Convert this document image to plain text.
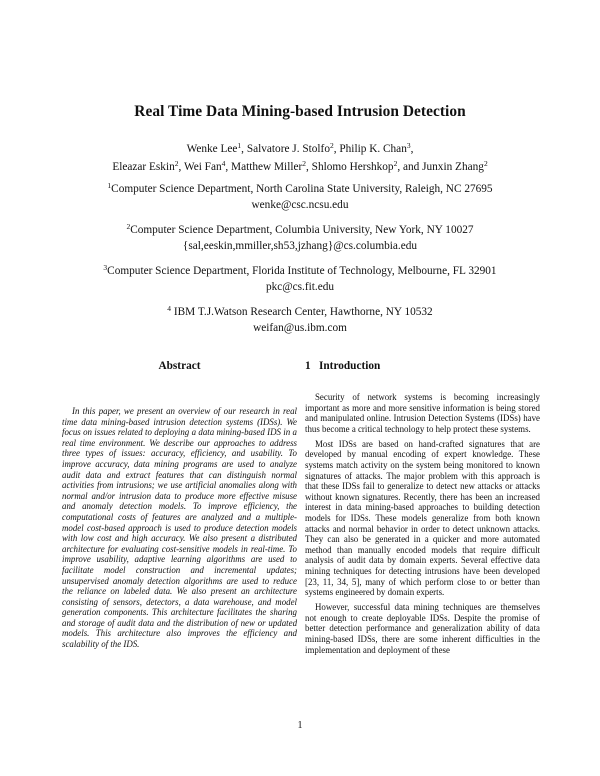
Real Time Data Mining-based Intrusion Detection
Wenke Lee$^1$, Salvatore J. Stolfo$^2$, Philip K. Chan$^3$,
Eleazar Eskin$^2$, Wei Fan$^4$, Matthew Miller$^2$, Shlomo Hershkop$^2$, and Junxin Zhang$^2$
$^1$Computer Science Department, North Carolina State University, Raleigh, NC 27695
wenke@csc.ncsu.edu
$^2$Computer Science Department, Columbia University, New York, NY 10027
{sal,eeskin,mmiller,sh53,jzhang}@cs.columbia.edu
$^3$Computer Science Department, Florida Institute of Technology, Melbourne, FL 32901
pkc@cs.fit.edu
$^4$ IBM T.J.Watson Research Center, Hawthorne, NY 10532
weifan@us.ibm.com
Abstract
In this paper, we present an overview of our research in real time data mining-based intrusion detection systems (IDSs). We focus on issues related to deploying a data mining-based IDS in a real time environment. We describe our approaches to address three types of issues: accuracy, efficiency, and usability. To improve accuracy, data mining programs are used to analyze audit data and extract features that can distinguish normal activities from intrusions; we use artificial anomalies along with normal and/or intrusion data to produce more effective misuse and anomaly detection models. To improve efficiency, the computational costs of features are analyzed and a multiple-model cost-based approach is used to produce detection models with low cost and high accuracy. We also present a distributed architecture for evaluating cost-sensitive models in real-time. To improve usability, adaptive learning algorithms are used to facilitate model construction and incremental updates; unsupervised anomaly detection algorithms are used to reduce the reliance on labeled data. We also present an architecture consisting of sensors, detectors, a data warehouse, and model generation components. This architecture facilitates the sharing and storage of audit data and the distribution of new or updated models. This architecture also improves the efficiency and scalability of the IDS.
1 Introduction

Security of network systems is becoming increasingly important as more and more sensitive information is being stored and manipulated online. Intrusion Detection Systems (IDSs) have thus become a critical technology to help protect these systems.

Most IDSs are based on hand-crafted signatures that are developed by manual encoding of expert knowledge. These systems match activity on the system being monitored to known signatures of attacks. The major problem with this approach is that these IDSs fail to generalize to detect new attacks or attacks without known signatures. Recently, there has been an increased interest in data mining-based approaches to building detection models for IDSs. These models generalize from both known attacks and normal behavior in order to detect unknown attacks. They can also be generated in a quicker and more automated method than manually encoded models that require difficult analysis of audit data by domain experts. Several effective data mining techniques for detecting intrusions have been developed [23, 11, 34, 5], many of which perform close to or better than systems engineered by domain experts.

However, successful data mining techniques are themselves not enough to create deployable IDSs. Despite the promise of better detection performance and generalization ability of data mining-based IDSs, there are some inherent difficulties in the implementation and deployment of these

1
